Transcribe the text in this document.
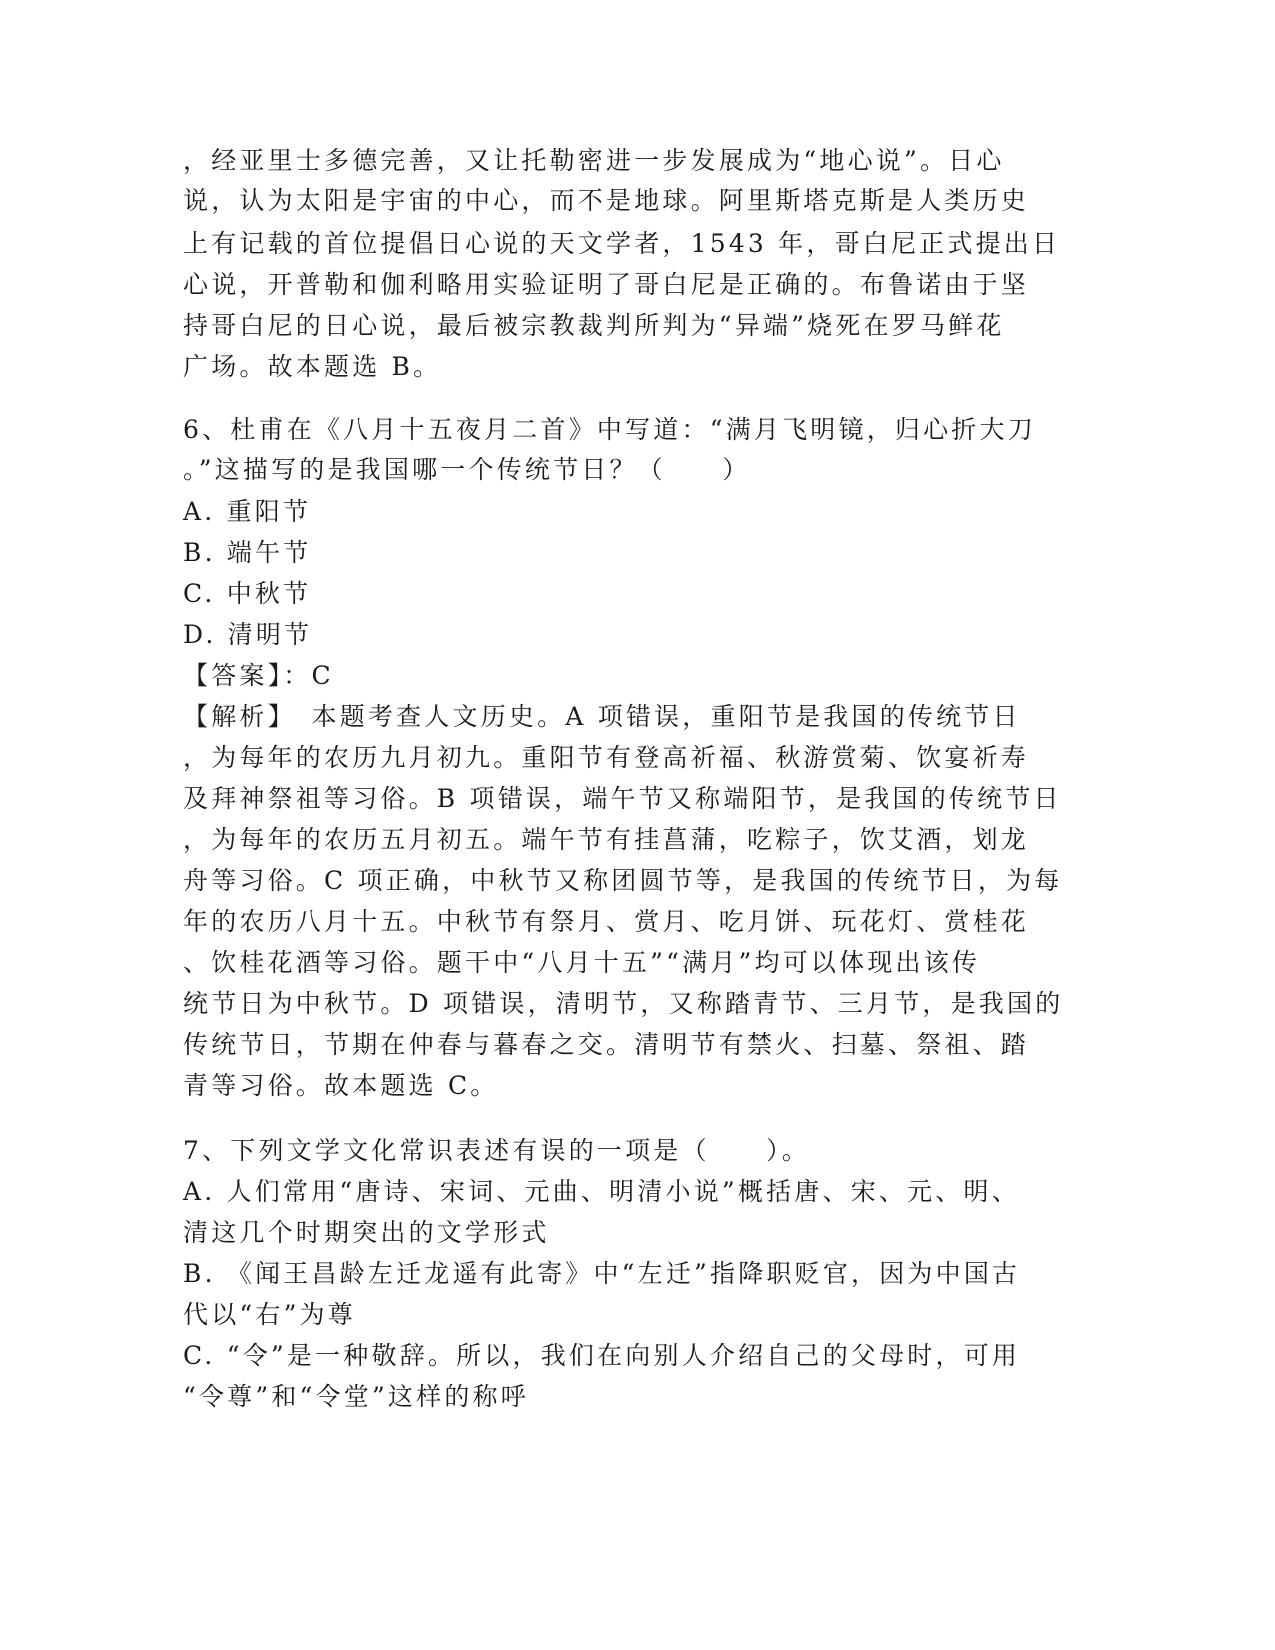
，经亚里士多德完善，又让托勒密进一步发展成为“地心说”。日心
说，认为太阳是宇宙的中心，而不是地球。阿里斯塔克斯是人类历史
上有记载的首位提倡日心说的天文学者，1543 年，哥白尼正式提出日
心说，开普勒和伽利略用实验证明了哥白尼是正确的。布鲁诺由于坚
持哥白尼的日心说，最后被宗教裁判所判为“异端”烧死在罗马鲜花
广场。故本题选 B。
6、杜甫在《八月十五夜月二首》中写道：“满月飞明镜，归心折大刀
。”这描写的是我国哪一个传统节日？（　　）
A. 重阳节
B. 端午节
C. 中秋节
D. 清明节
【答案】：C
【解析】　本题考查人文历史。A 项错误，重阳节是我国的传统节日
，为每年的农历九月初九。重阳节有登高祈福、秋游赏菊、饮宴祈寿
及拜神祭祖等习俗。B 项错误，端午节又称端阳节，是我国的传统节日
，为每年的农历五月初五。端午节有挂菖蒲，吃粽子，饮艾酒，划龙
舟等习俗。C 项正确，中秋节又称团圆节等，是我国的传统节日，为每
年的农历八月十五。中秋节有祭月、赏月、吃月饼、玩花灯、赏桂花
、饮桂花酒等习俗。题干中“八月十五”“满月”均可以体现出该传
统节日为中秋节。D 项错误，清明节，又称踏青节、三月节，是我国的
传统节日，节期在仲春与暮春之交。清明节有禁火、扫墓、祭祖、踏
青等习俗。故本题选 C。
7、下列文学文化常识表述有误的一项是（　　）。
A. 人们常用“唐诗、宋词、元曲、明清小说”概括唐、宋、元、明、
清这几个时期突出的文学形式
B. 《闻王昌龄左迁龙遥有此寄》中“左迁”指降职贬官，因为中国古
代以“右”为尊
C. “令”是一种敬辞。所以，我们在向别人介绍自己的父母时，可用
“令尊”和“令堂”这样的称呼
